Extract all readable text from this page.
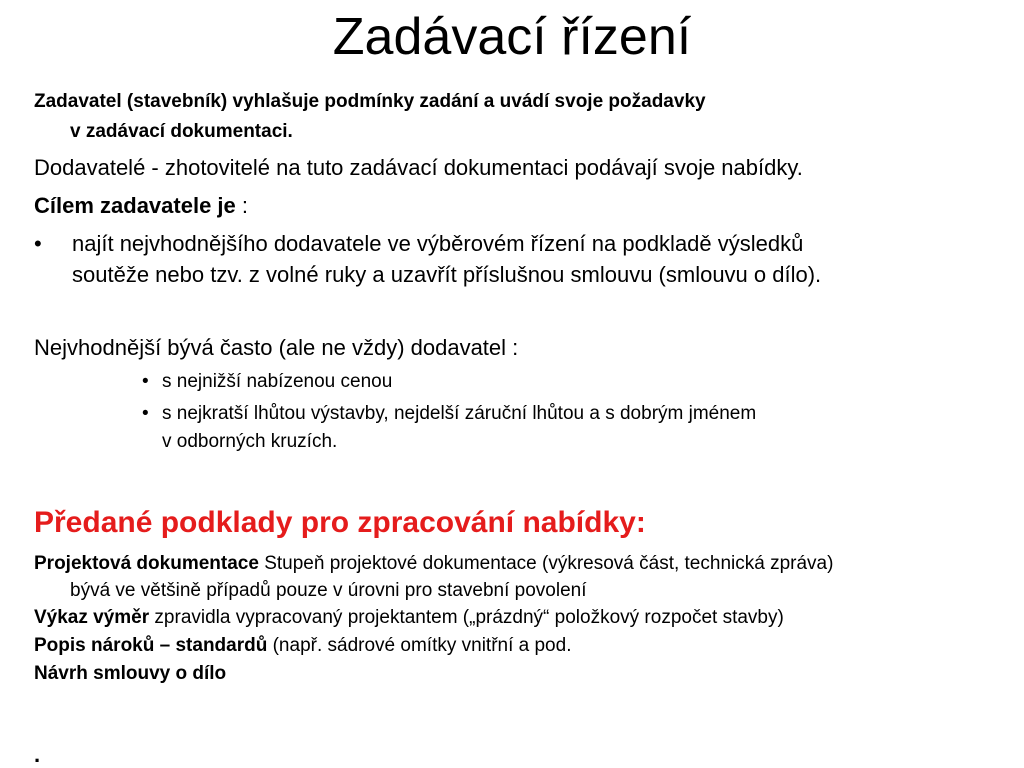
Zadávací řízení
Zadavatel (stavebník) vyhlašuje podmínky zadání a uvádí svoje požadavky
v zadávací dokumentaci.
Dodavatelé - zhotovitelé na tuto zadávací dokumentaci podávají svoje nabídky.
Cílem zadavatele je :
• najít nejvhodnějšího dodavatele ve výběrovém řízení na podkladě výsledků
soutěže nebo tzv. z volné ruky a uzavřít příslušnou smlouvu (smlouvu o dílo).
Nejvhodnější bývá často (ale ne vždy) dodavatel :
• s nejnižší nabízenou cenou
• s nejkratší lhůtou výstavby, nejdelší záruční lhůtou a s dobrým jménem
v odborných kruzích.
Předané podklady pro zpracování nabídky:
Projektová dokumentace Stupeň projektové dokumentace (výkresová část, technická zpráva)
bývá ve většině případů pouze v úrovni pro stavební povolení
Výkaz výměr zpravidla vypracovaný projektantem („prázdný“ položkový rozpočet stavby)
Popis nároků – standardů (např. sádrové omítky vnitřní a pod.
Návrh smlouvy o dílo
.
